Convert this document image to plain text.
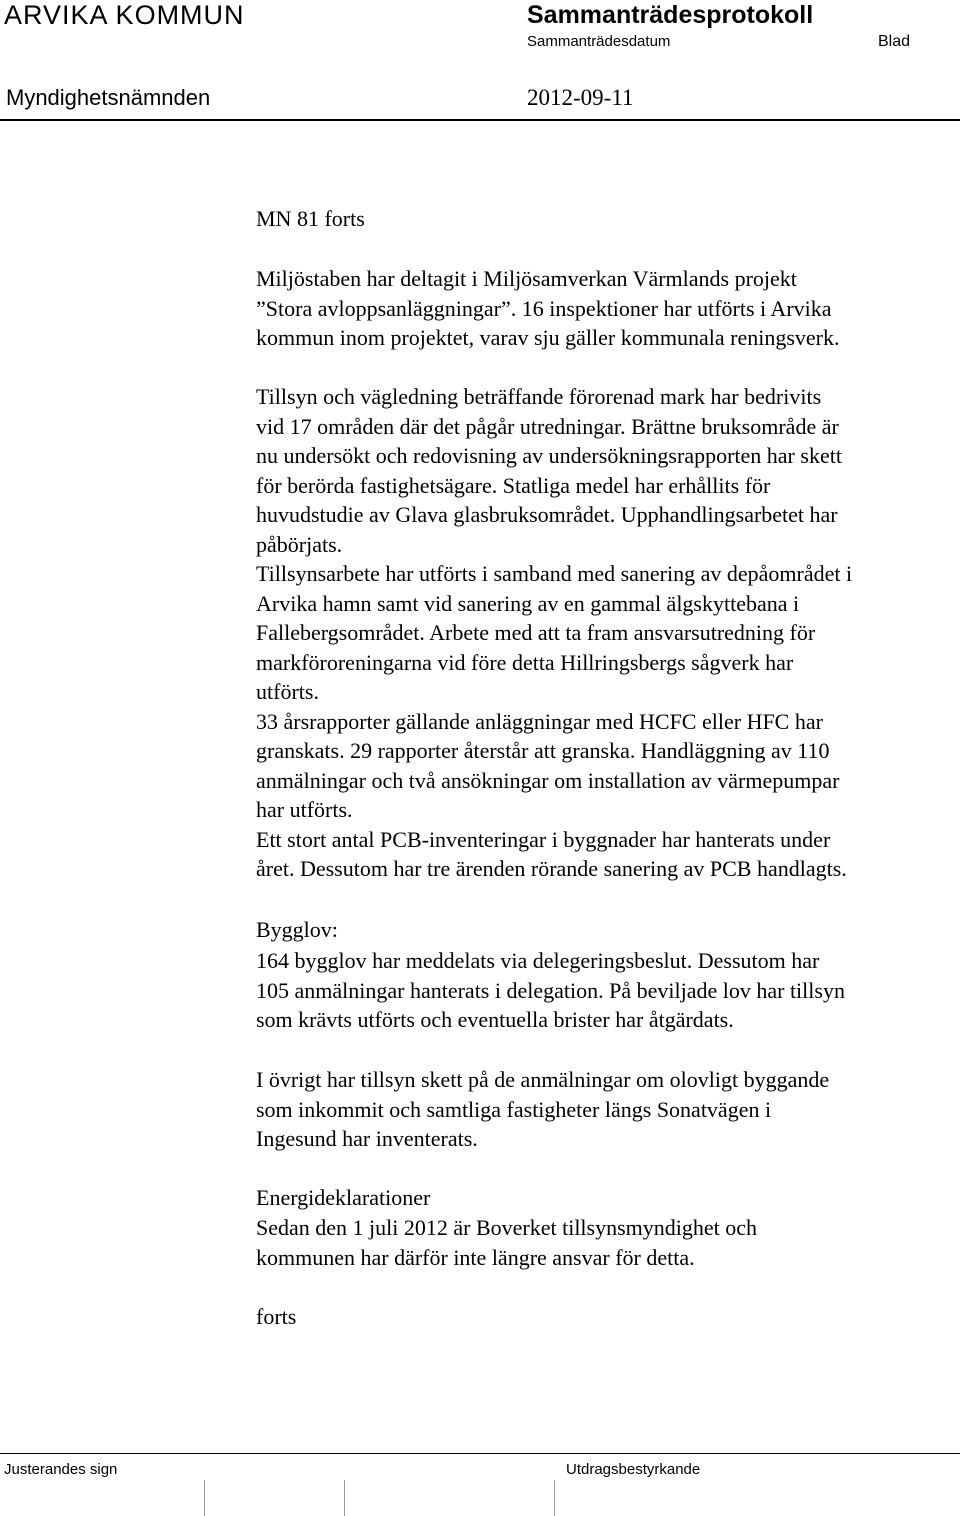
ARVIKA KOMMUN	Sammanträdesprotokoll
Sammanträdesdatum	Blad
Myndighetsnämnden	2012-09-11
MN 81 forts
Miljöstaben har deltagit i Miljösamverkan Värmlands projekt
”Stora avloppsanläggningar”. 16 inspektioner har utförts i Arvika
kommun inom projektet, varav sju gäller kommunala reningsverk.
Tillsyn och vägledning beträffande förorenad mark har bedrivits
vid 17 områden där det pågår utredningar. Brättne bruksområde är
nu undersökt och redovisning av undersökningsrapporten har skett
för berörda fastighetsägare. Statliga medel har erhållits för
huvudstudie av Glava glasbruksområdet. Upphandlingsarbetet har
påbörjats.
Tillsynsarbete har utförts i samband med sanering av depåområdet i
Arvika hamn samt vid sanering av en gammal älgskyttebana i
Fallebergsområdet. Arbete med att ta fram ansvarsutredning för
markföroreningarna vid före detta Hillringsbergs sågverk har
utförts.
33 årsrapporter gällande anläggningar med HCFC eller HFC har
granskats. 29 rapporter återstår att granska. Handläggning av 110
anmälningar och två ansökningar om installation av värmepumpar
har utförts.
Ett stort antal PCB-inventeringar i byggnader har hanterats under
året. Dessutom har tre ärenden rörande sanering av PCB handlagts.
Bygglov:
164 bygglov har meddelats via delegeringsbeslut. Dessutom har
105 anmälningar hanterats i delegation. På beviljade lov har tillsyn
som krävts utförts och eventuella brister har åtgärdats.
I övrigt har tillsyn skett på de anmälningar om olovligt byggande
som inkommit och samtliga fastigheter längs Sonatvägen i
Ingesund har inventerats.
Energideklarationer
Sedan den 1 juli 2012 är Boverket tillsynsmyndighet och
kommunen har därför inte längre ansvar för detta.
forts
Justerandes sign	Utdragsbestyrkande
